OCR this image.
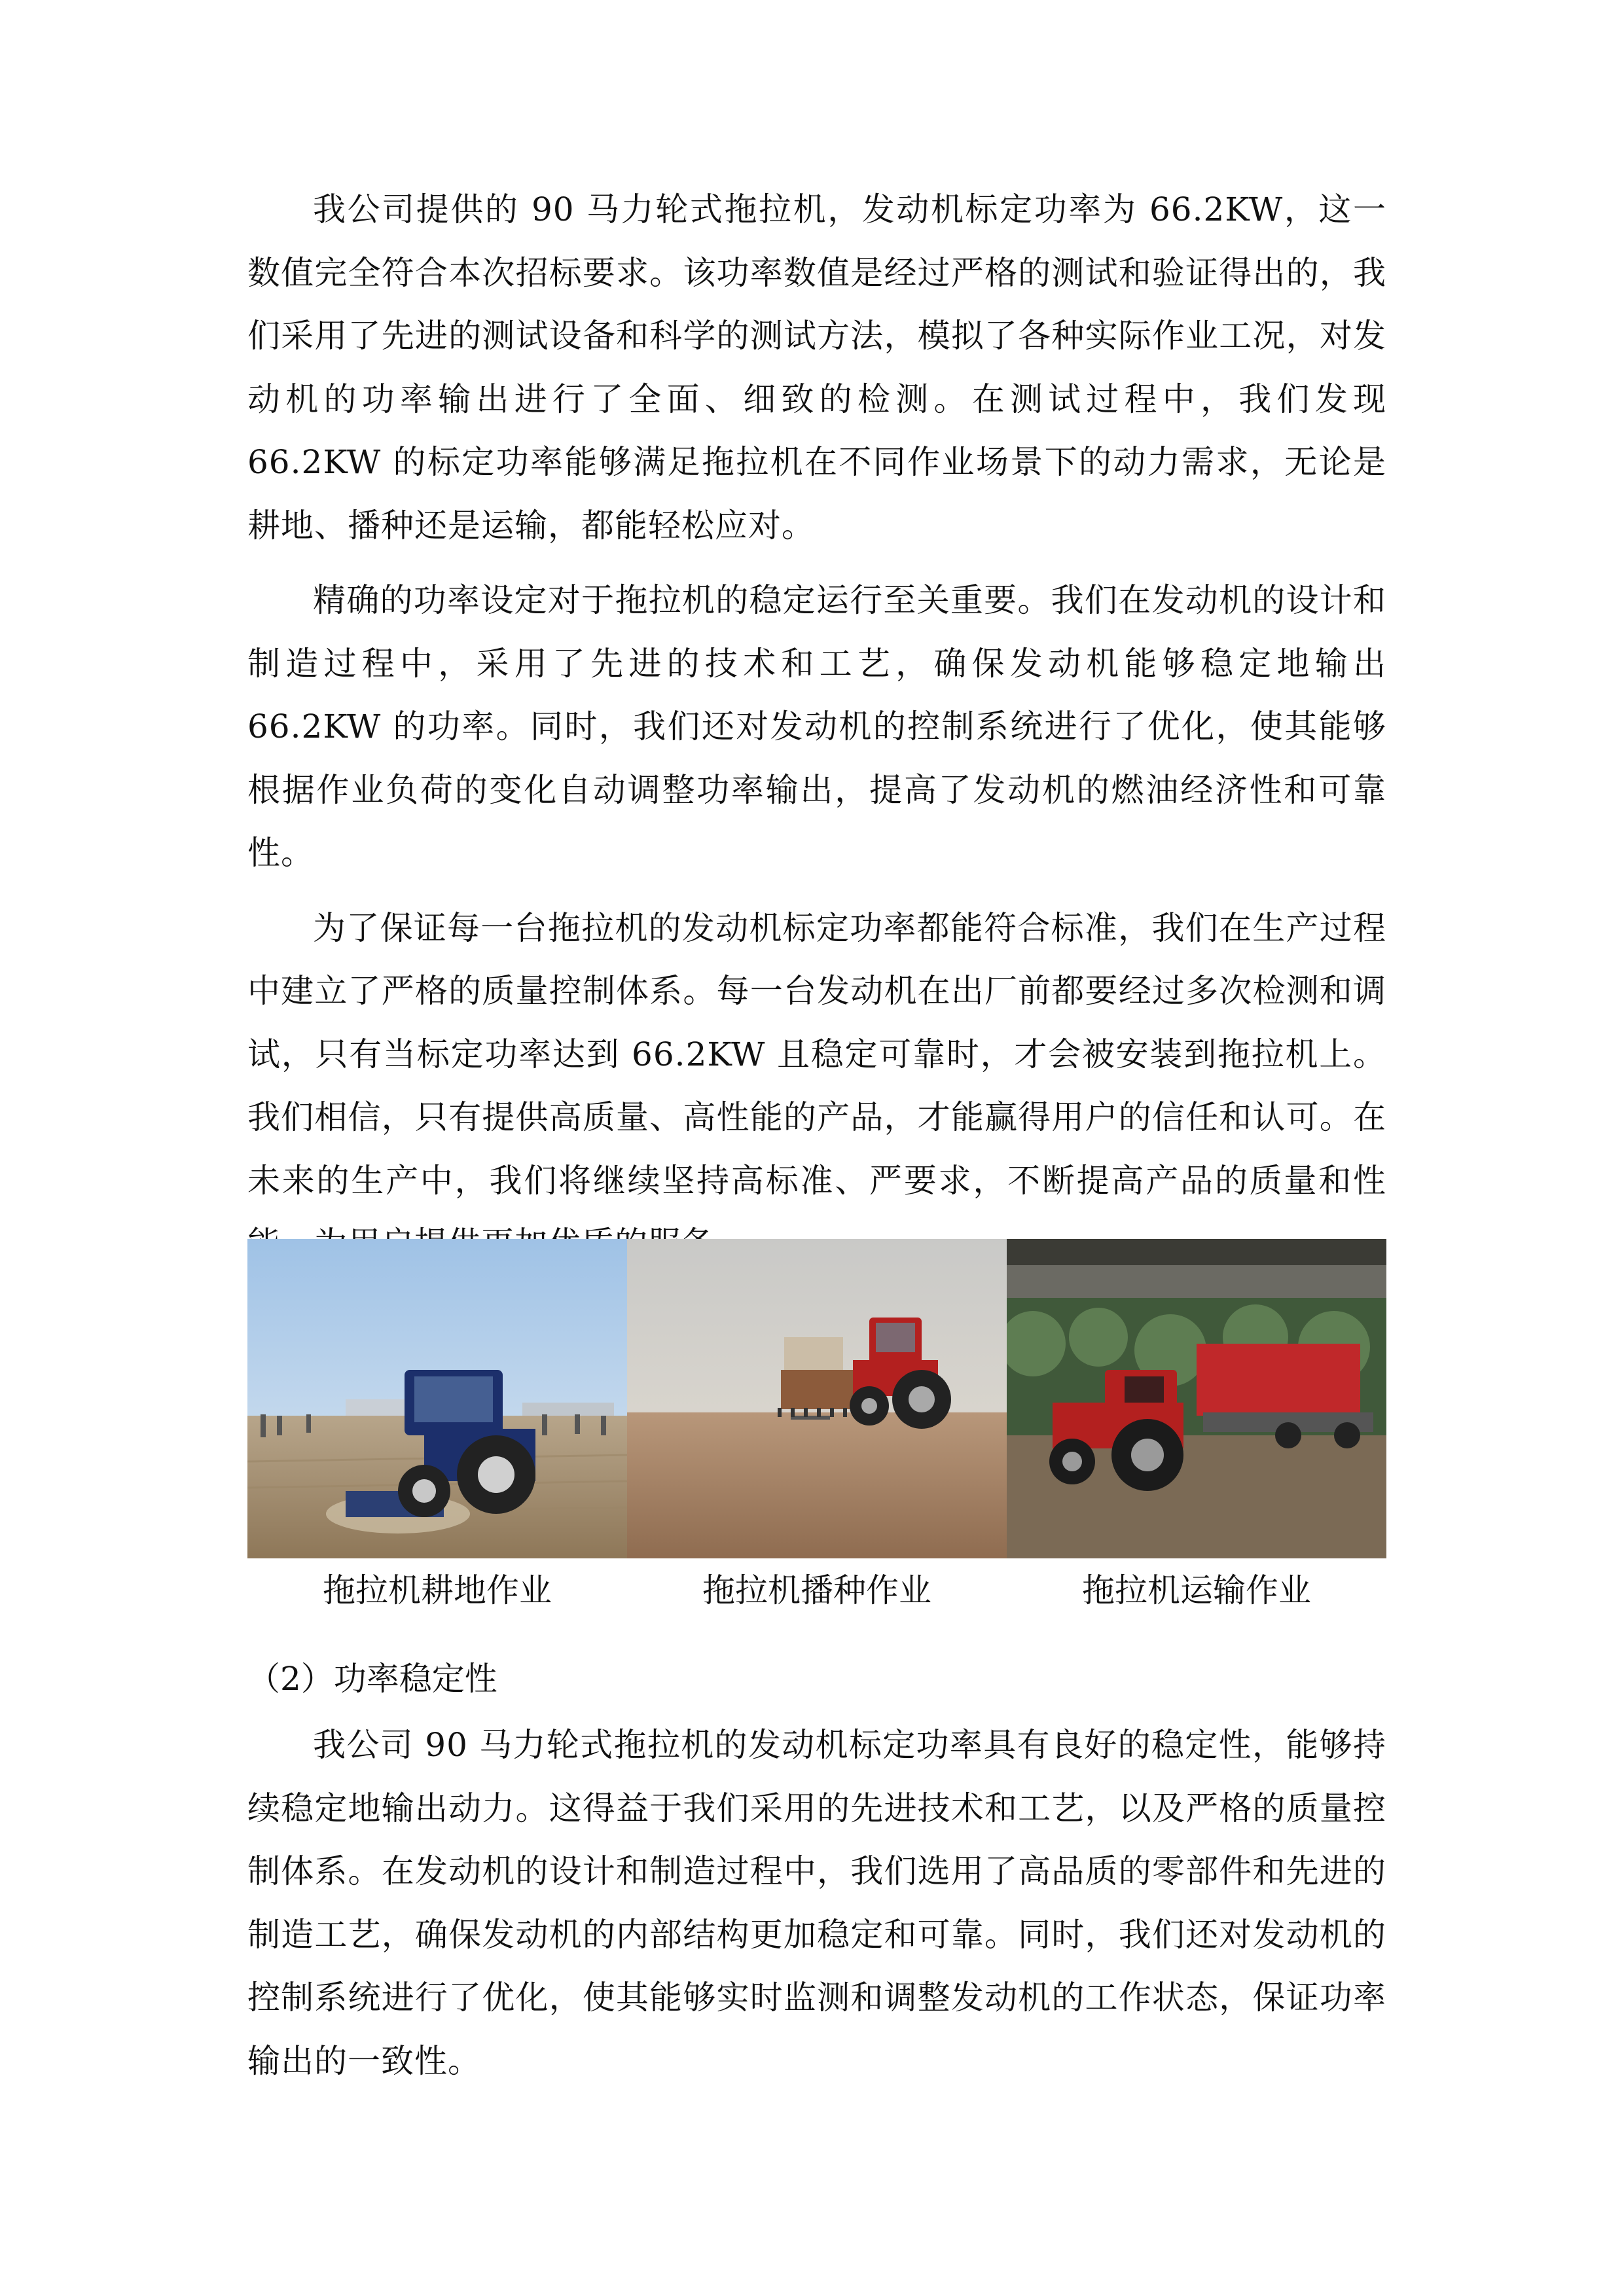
我公司提供的 90 马力轮式拖拉机，发动机标定功率为 66.2KW，这一数值完全符合本次招标要求。该功率数值是经过严格的测试和验证得出的，我们采用了先进的测试设备和科学的测试方法，模拟了各种实际作业工况，对发动机的功率输出进行了全面、细致的检测。在测试过程中，我们发现 66.2KW 的标定功率能够满足拖拉机在不同作业场景下的动力需求，无论是耕地、播种还是运输，都能轻松应对。

精确的功率设定对于拖拉机的稳定运行至关重要。我们在发动机的设计和制造过程中，采用了先进的技术和工艺，确保发动机能够稳定地输出 66.2KW 的功率。同时，我们还对发动机的控制系统进行了优化，使其能够根据作业负荷的变化自动调整功率输出，提高了发动机的燃油经济性和可靠性。

为了保证每一台拖拉机的发动机标定功率都能符合标准，我们在生产过程中建立了严格的质量控制体系。每一台发动机在出厂前都要经过多次检测和调试，只有当标定功率达到 66.2KW 且稳定可靠时，才会被安装到拖拉机上。我们相信，只有提供高质量、高性能的产品，才能赢得用户的信任和认可。在未来的生产中，我们将继续坚持高标准、严要求，不断提高产品的质量和性

拖拉机耕地作业	拖拉机播种作业	拖拉机运输作业
（2）功率稳定性

我公司 90 马力轮式拖拉机的发动机标定功率具有良好的稳定性，能够持续稳定地输出动力。这得益于我们采用的先进技术和工艺，以及严格的质量控制体系。在发动机的设计和制造过程中，我们选用了高品质的零部件和先进的制造工艺，确保发动机的内部结构更加稳定和可靠。同时，我们还对发动机的控制系统进行了优化，使其能够实时监测和调整发动机的工作状态，保证功率输出的一致性。
